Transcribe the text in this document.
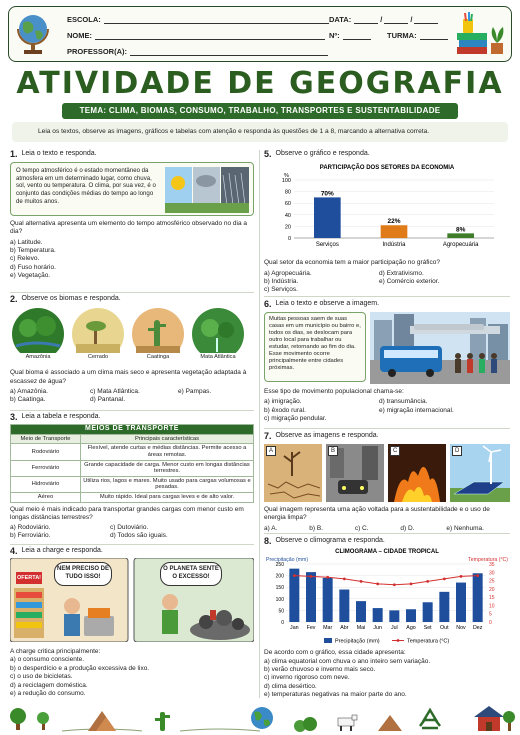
ESCOLA:
NOME:
PROFESSOR(A):
DATA:	/	/
Nº:	TURMA:
ATIVIDADE DE GEOGRAFIA
TEMA: CLIMA, BIOMAS, CONSUMO, TRABALHO, TRANSPORTES E SUSTENTABILIDADE
Leia os textos, observe as imagens, gráficos e tabelas com atenção e responda às questões de 1 a 8, marcando a alternativa correta.
1. Leia o texto e responda.
O tempo atmosférico é o estado momentâneo da atmosfera em um determinado lugar, como chuva, sol, vento ou temperatura. O clima, por sua vez, é o conjunto das condições médias do tempo ao longo de muitos anos.
Qual alternativa apresenta um elemento do tempo atmosférico observado no dia a dia?
a) Latitude.
b) Temperatura.
c) Relevo.
d) Fuso horário.
e) Vegetação.
2. Observe os biomas e responda.
Amazônia	Cerrado	Caatinga	Mata Atlântica
Qual bioma é associado a um clima mais seco e apresenta vegetação adaptada à escassez de água?
a) Amazônia.
b) Caatinga.
c) Mata Atlântica.
d) Pantanal.
e) Pampas.
3. Leia a tabela e responda.
MEIOS DE TRANSPORTE	
Meio de Transporte	Principais características
Rodoviário	Flexível, atende curtas e médias distâncias. Permite acesso a áreas remotas.
Ferroviário	Grande capacidade de carga. Menor custo em longas distâncias terrestres.
Hidroviário	Utiliza rios, lagos e mares. Muito usado para cargas volumosas e pesadas.
Aéreo	Muito rápido. Ideal para cargas leves e de alto valor.
Qual meio é mais indicado para transportar grandes cargas com menor custo em longas distâncias terrestres?
a) Rodoviário.
b) Ferroviário.
c) Dutoviário.
d) Todos são iguais.
4. Leia a charge e responda.
OFERTA!
NEM PRECISO DE TUDO ISSO!
O PLANETA SENTE O EXCESSO!
A charge critica principalmente:
a) o consumo consciente.
b) o desperdício e a produção excessiva de lixo.
c) o uso de bicicletas.
d) a reciclagem doméstica.
e) a redução do consumo.
5. Observe o gráfico e responda.
PARTICIPAÇÃO DOS SETORES DA ECONOMIA
%
0
20
40
60
80
100
70%
Serviços
22%
Indústria
8%
Agropecuária
Qual setor da economia tem a maior participação no gráfico?
a) Agropecuária.
b) Indústria.
c) Serviços.
d) Extrativismo.
e) Comércio exterior.
6. Leia o texto e observe a imagem.
Muitas pessoas saem de suas casas em um município ou bairro e, todos os dias, se deslocam para outro local para trabalhar ou estudar, retornando ao fim do dia. Esse movimento ocorre principalmente entre cidades próximas.
Esse tipo de movimento populacional chama-se:
a) imigração.
b) êxodo rural.
c) migração pendular.
d) transumância.
e) migração internacional.
7. Observe as imagens e responda.
A	B	C	D
Qual imagem representa uma ação voltada para a sustentabilidade e o uso de energia limpa?
a) A.	b) B.	c) C.	d) D.	e) Nenhuma.
8. Observe o climograma e responda.
CLIMOGRAMA – CIDADE TROPICAL
Precipitação (mm)	Temperatura (°C)
0
50
100
150
200
250
0
5
10
15
20
25
30
35
Jan Fev Mar Abr Mai Jun Jul Ago Set Out Nov Dez
Precipitação (mm)	Temperatura (°C)
De acordo com o gráfico, essa cidade apresenta:
a) clima equatorial com chuva o ano inteiro sem variação.
b) verão chuvoso e inverno mais seco.
c) inverno rigoroso com neve.
d) clima desértico.
e) temperaturas negativas na maior parte do ano.
